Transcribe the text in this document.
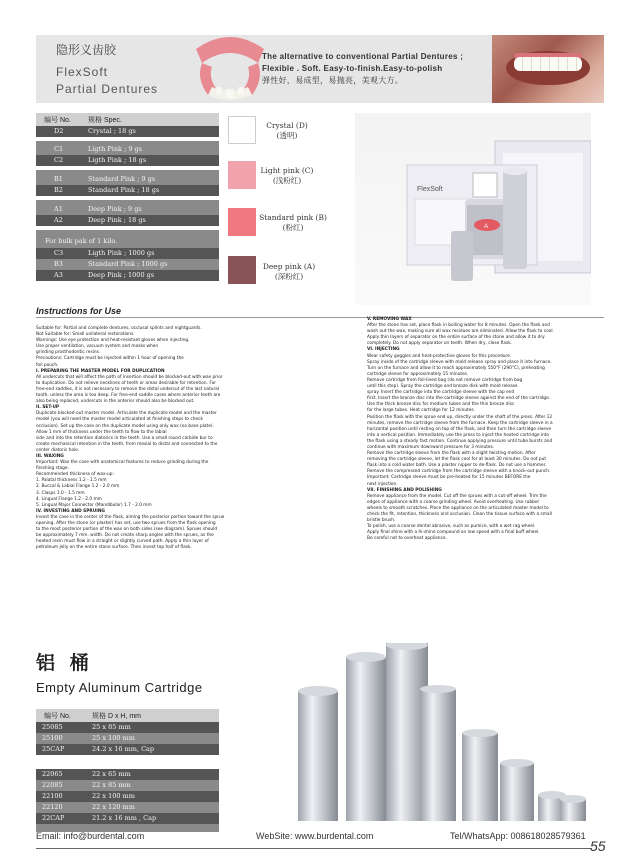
隐形义齿胶
FlexSoft
Partial Dentures
The alternative to conventional Partial Dentures ;
Flexible . Soft. Easy-to-finish.Easy-to-polish
弹性好，易成型，易抛亮，美观大方。
编号 No. 规格 Spec.
D2	Crystal ; 18 gs
C1	Ligth Pink ; 9 gs
C2	Ligth Pink ; 18 gs
B1	Standard Pink ; 9 gs
B2	Standard Pink ; 18 gs
A1	Deep Pink ; 9 gs
A2	Deep Pink ; 18 gs
For bulk pak of 1 kilo.
C3	Ligth Pink ; 1000 gs
B3	Standard Pink ; 1000 gs
A3	Deep Pink ; 1000 gs
Crystal (D)
(透明)
Light pink (C)
(浅粉红)
Standard pink (B)
(粉红)
Deep pink (A)
(深粉红)
FlexSoft
A
Instructions for Use
Suitable for: Partial and complete dentures, occlusal splints and nightguards.
Not Suitable for: Small unilateral restorations.
Warnings: Use eye protection and heat-resistant gloves when injecting.
Use proper ventilation, vacuum system and masks when
grinding prosthodontic resins.
Precautions: Cartridge must be injected within 1 hour of opening the
foil pouch.
I. PREPARING THE MASTER MODEL FOR DUPLICATION
All undercuts that will affect the path of insertion should be blocked-out with wax prior
to duplication. Do not relieve necklines of teeth or areas desirable for retention. For
free-end saddles, it is not necessary to remove the distal undercut of the last natural
tooth, unless the area is too deep. For free-end saddle cases where anterior teeth are
also being replaced, undercuts in the anterior should also be blocked out.
II. SET-UP
Duplicate blocked-out master model. Articulate the duplicate model and the master
model (you will need the master model articulated at finishing steps to check
occlusion). Set up the case on the duplicate model using only wax (no base plate).
Allow 1 mm of thickness under the teeth to flow to the labial
side and into the retention diatorics in the teeth. Use a small round carbide bur to
create mechanical retention in the teeth, from mesial to distal and connected to the
center diatoric hole.
III. WAXING
Important: Wax the case with anatomical features to reduce grinding during the
finishing stage.
Recommended thickness of wax-up:
1. Palatal thickness 1.2 - 1.5 mm
2. Buccal & Labial Flange 1.2 - 2.0 mm
3. Clasps 1.0 - 1.5 mm
4. Lingual Flange 1.2 - 2.0 mm
5. Lingual Major Connector (Mandibular) 1.7 - 2.0 mm
IV. INVESTING AND SPRUING
Invest the case in the center of the flask, aiming the posterior portion toward the sprue
opening. After the stone (or plaster) has set, use two sprues from the flask opening
to the most posterior portion of the wax on both sides (see diagram). Sprues should
be approximately 7 mm. width. Do not create sharp angles with the sprues, as the
heated resin must flow in a straight or slightly curved path. Apply a thin layer of
petroleum jelly on the entire stone surface. Then invest top half of flask.
V. REMOVING WAX
After the stone has set, place flask in boiling water for 8 minutes. Open the flask and
wash out the wax, making sure all wax residues are eliminated. Allow the flask to cool.
Apply thin layers of separator on the entire surface of the stone and allow it to dry
completely. Do not apply separator on teeth. When dry, close flask.
VI. INJECTING
Wear safety goggles and heat-protective gloves for this procedure.
Spray inside of the cartridge sleeve with mold release spray and place it into furnace.
Turn on the furnace and allow it to reach approximately 550°F (290°C), preheating
cartridge sleeve for approximately 15 minutes.
Remove cartridge from foil-lined bag (do not remove cartridge from bag
until this step). Spray the cartridge and bronze disk with mold release
spray. Insert the cartridge into the cartridge sleeve with the cap end
first. Insert the bronze disc into the cartridge sleeve against the end of the cartridge.
Use the thick bronze disc for medium tubes and the thin bronze disc
for the large tubes. Heat cartridge for 12 minutes.
Position the flask with the sprue end up, directly under the shaft of the press. After 12
minutes, remove the cartridge sleeve from the furnace. Keep the cartridge sleeve in a
horizontal position until resting on top of the flask, and then turn the cartridge sleeve
into a vertical position. Immediately use the press to inject the heated cartridge into
the flask using a steady fast motion. Continue applying pressure until tube bursts and
continue with maximum downward pressure for 3 minutes.
Remove the cartridge sleeve from the flask with a slight twisting motion. After
removing the cartridge sleeve, let the flask cool for at least 30 minutes. Do not put
flask into a cold water bath. Use a plaster nipper to de-flask. Do not use a hammer.
Remove the compressed cartridge from the cartridge sleeve with a knock-out punch.
Important: Cartridge sleeve must be pre-heated for 15 minutes BEFORE the
next injection.
VII. FINISHING AND POLISHING
Remove appliance from the model. Cut off the sprues with a cut-off wheel. Trim the
edges of appliance with a coarse grinding wheel. Avoid overheating. Use rubber
wheels to smooth scratches. Place the appliance on the articulated master model to
check the fit, retention, thickness and occlusion. Clean the tissue surface with a small
bristle brush.
To polish, use a coarse dental abrasive, such as pumice, with a wet rag wheel.
Apply final shine with a hi-shine compound on low speed with a final buff wheel.
Be careful not to overheat appliance.
铝 桶
Empty Aluminum Cartridge
编号 No.	规格 D x H, mm
25085	25 x 85 mm
25100	25 x 100 mm
25CAP	24.2 x 16 mm, Cap
22065	22 x 65 mm
22085	22 x 85 mm
22100	22 x 100 mm
22120	22 x 120 mm
22CAP	21.2 x 16 mm , Cap
Email: info@burdental.com	WebSite: www.burdental.com	Tel/WhatsApp: 008618028579361
55
